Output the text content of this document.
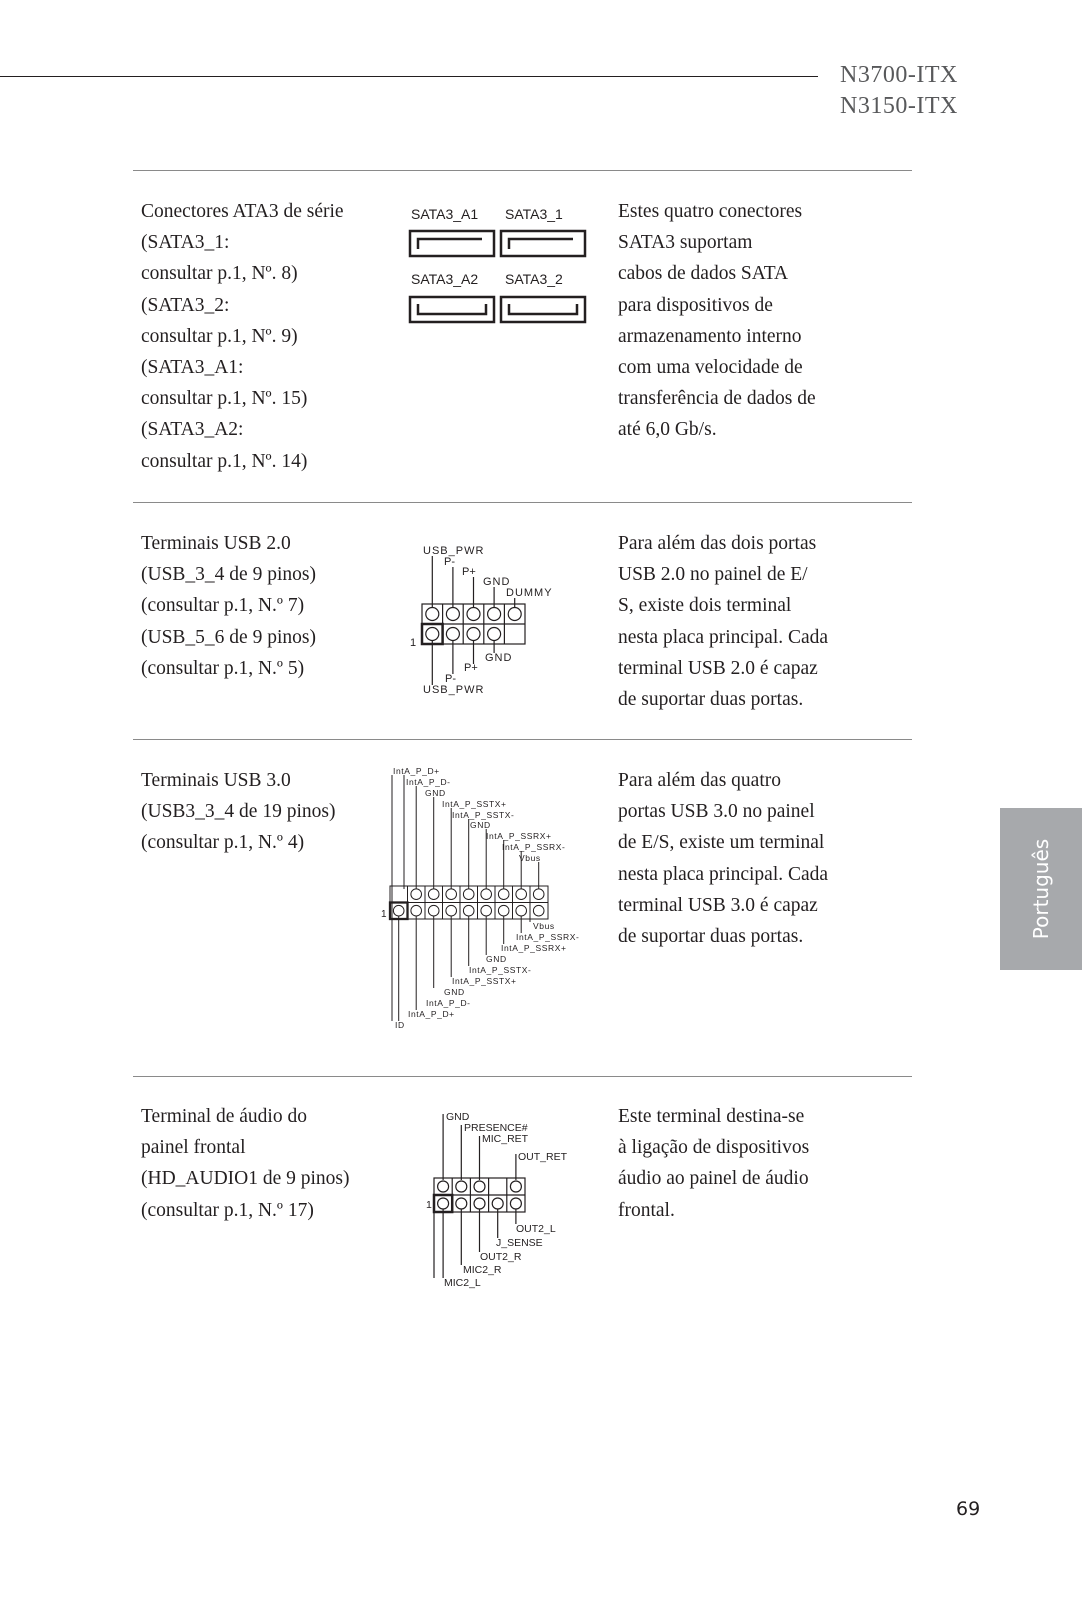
N3700-ITX
N3150-ITX
Conectores ATA3 de série
(SATA3_1:
consultar p.1, Nº. 8)
(SATA3_2:
consultar p.1, Nº. 9)
(SATA3_A1:
consultar p.1, Nº. 15)
(SATA3_A2:
consultar p.1, Nº. 14)
SATA3_A1 SATA3_1
SATA3_A2 SATA3_2
Estes quatro conectores
SATA3 suportam
cabos de dados SATA
para dispositivos de
armazenamento interno
com uma velocidade de
transferência de dados de
até 6,0 Gb/s.
Terminais USB 2.0
(USB_3_4 de 9 pinos)
(consultar p.1, N.º 7)
(USB_5_6 de 9 pinos)
(consultar p.1, N.º 5)
USB_PWR
P-
P+
GND
DUMMY
1
GND
P+
P-
USB_PWR
Para além das dois portas
USB 2.0 no painel de E/
S, existe dois terminal
nesta placa principal. Cada
terminal USB 2.0 é capaz
de suportar duas portas.
Terminais USB 3.0
(USB3_3_4 de 19 pinos)
(consultar p.1, N.º 4)
IntA_P_D+
IntA_P_D-
GND
IntA_P_SSTX+
IntA_P_SSTX-
GND
IntA_P_SSRX+
IntA_P_SSRX-
Vbus
Vbus
IntA_P_SSRX-
IntA_P_SSRX+
GND
IntA_P_SSTX-
IntA_P_SSTX+
GND
IntA_P_D-
IntA_P_D+
ID
1
Para além das quatro
portas USB 3.0 no painel
de E/S, existe um terminal
nesta placa principal. Cada
terminal USB 3.0 é capaz
de suportar duas portas.
Terminal de áudio do
painel frontal
(HD_AUDIO1 de 9 pinos)
(consultar p.1, N.º 17)
GND
PRESENCE#
MIC_RET
OUT_RET
OUT2_L
J_SENSE
OUT2_R
MIC2_R
MIC2_L
1
Este terminal destina-se
à ligação de dispositivos
áudio ao painel de áudio
frontal.
Português
69
